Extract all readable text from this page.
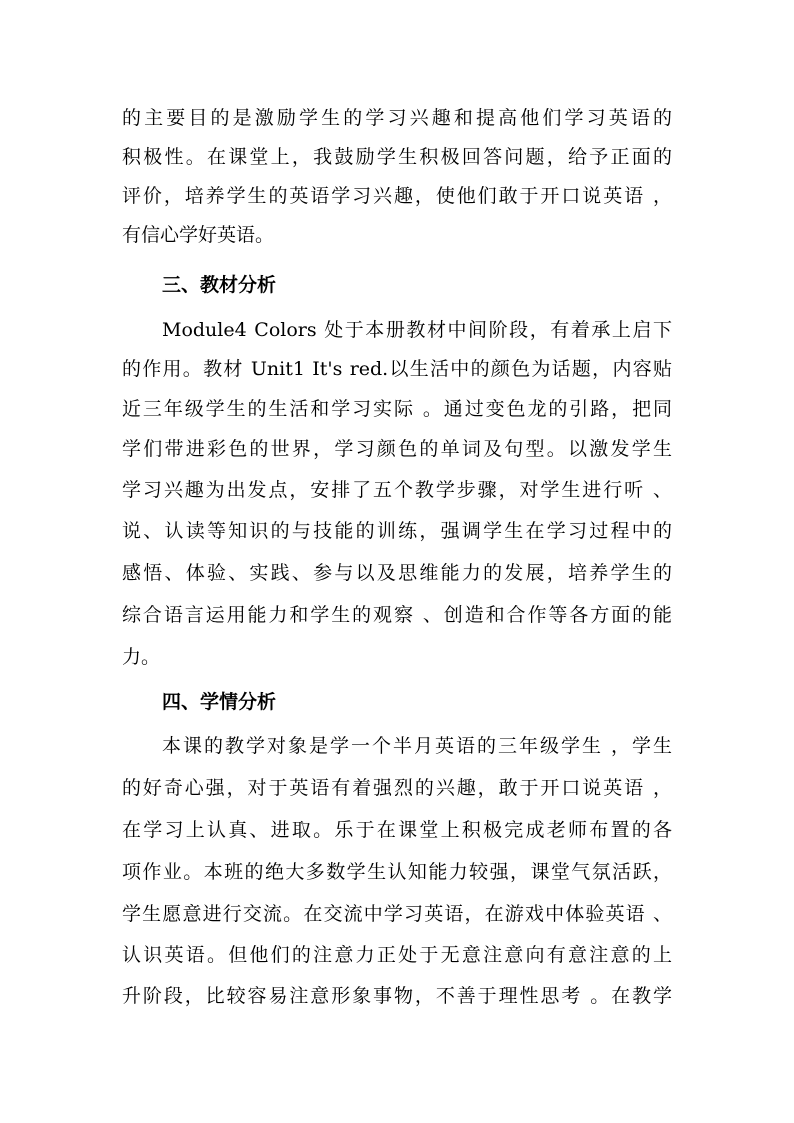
的主要目的是激励学生的学习兴趣和提高他们学习英语的
积极性。在课堂上，我鼓励学生积极回答问题，给予正面的
评价，培养学生的英语学习兴趣，使他们敢于开口说英语 ，
有信心学好英语。
三、教材分析
Module4 Colors 处于本册教材中间阶段，有着承上启下
的作用。教材 Unit1 It's red.以生活中的颜色为话题，内容贴
近三年级学生的生活和学习实际 。通过变色龙的引路，把同
学们带进彩色的世界，学习颜色的单词及句型。以激发学生
学习兴趣为出发点，安排了五个教学步骤，对学生进行听 、
说、认读等知识的与技能的训练，强调学生在学习过程中的
感悟、体验、实践、参与以及思维能力的发展，培养学生的
综合语言运用能力和学生的观察 、创造和合作等各方面的能
力。
四、学情分析
本课的教学对象是学一个半月英语的三年级学生 ，学生
的好奇心强，对于英语有着强烈的兴趣，敢于开口说英语 ，
在学习上认真、进取。乐于在课堂上积极完成老师布置的各
项作业。本班的绝大多数学生认知能力较强，课堂气氛活跃，
学生愿意进行交流。在交流中学习英语，在游戏中体验英语 、
认识英语。但他们的注意力正处于无意注意向有意注意的上
升阶段，比较容易注意形象事物，不善于理性思考 。在教学
